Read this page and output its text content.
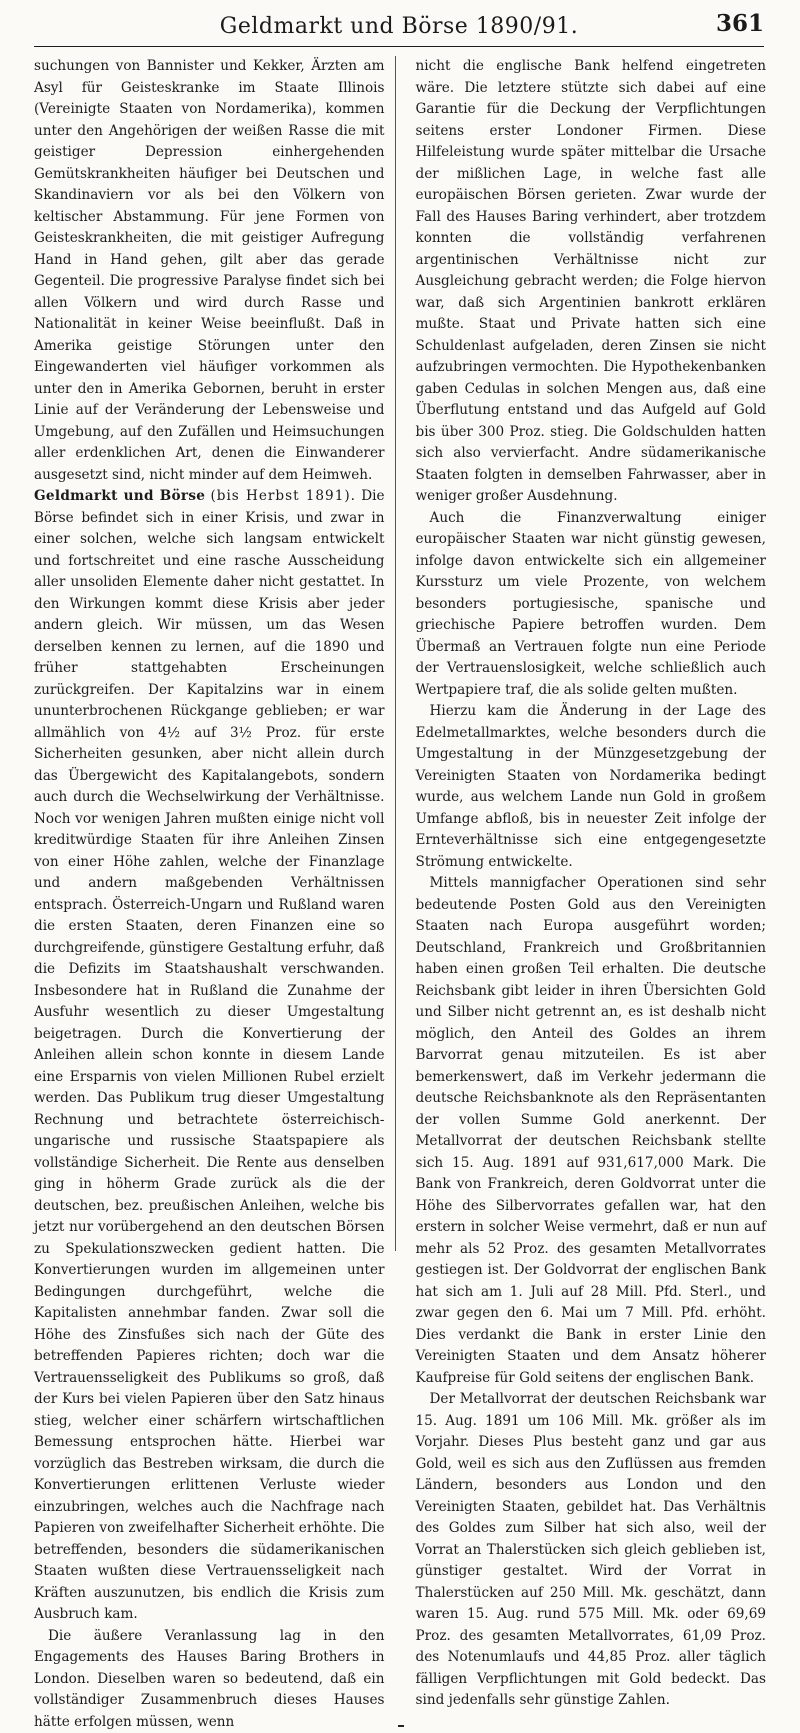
Geldmarkt und Börse 1890/91.	361

suchungen von Bannister und Kekker, Ärzten am Asyl für Geisteskranke im Staate Illinois (Vereinigte Staaten von Nordamerika), kommen unter den Angehörigen der weißen Rasse die mit geistiger Depression einhergehenden Gemütskrankheiten häufiger bei Deutschen und Skandinaviern vor als bei den Völkern von keltischer Abstammung. Für jene Formen von Geisteskrankheiten, die mit geistiger Aufregung Hand in Hand gehen, gilt aber das gerade Gegenteil. Die progressive Paralyse findet sich bei allen Völkern und wird durch Rasse und Nationalität in keiner Weise beeinflußt. Daß in Amerika geistige Störungen unter den Eingewanderten viel häufiger vorkommen als unter den in Amerika Gebornen, beruht in erster Linie auf der Veränderung der Lebensweise und Umgebung, auf den Zufällen und Heimsuchungen aller erdenklichen Art, denen die Einwanderer ausgesetzt sind, nicht minder auf dem Heimweh.

Geldmarkt und Börse (bis Herbst 1891). Die Börse befindet sich in einer Krisis, und zwar in einer solchen, welche sich langsam entwickelt und fortschreitet und eine rasche Ausscheidung aller unsoliden Elemente daher nicht gestattet. In den Wirkungen kommt diese Krisis aber jeder andern gleich. Wir müssen, um das Wesen derselben kennen zu lernen, auf die 1890 und früher stattgehabten Erscheinungen zurückgreifen. Der Kapitalzins war in einem ununterbrochenen Rückgange geblieben; er war allmählich von 4½ auf 3½ Proz. für erste Sicherheiten gesunken, aber nicht allein durch das Übergewicht des Kapitalangebots, sondern auch durch die Wechselwirkung der Verhältnisse. Noch vor wenigen Jahren mußten einige nicht voll kreditwürdige Staaten für ihre Anleihen Zinsen von einer Höhe zahlen, welche der Finanzlage und andern maßgebenden Verhältnissen entsprach. Österreich-Ungarn und Rußland waren die ersten Staaten, deren Finanzen eine so durchgreifende, günstigere Gestaltung erfuhr, daß die Defizits im Staatshaushalt verschwanden. Insbesondere hat in Rußland die Zunahme der Ausfuhr wesentlich zu dieser Umgestaltung beigetragen. Durch die Konvertierung der Anleihen allein schon konnte in diesem Lande eine Ersparnis von vielen Millionen Rubel erzielt werden. Das Publikum trug dieser Umgestaltung Rechnung und betrachtete österreichisch-ungarische und russische Staatspapiere als vollständige Sicherheit. Die Rente aus denselben ging in höherm Grade zurück als die der deutschen, bez. preußischen Anleihen, welche bis jetzt nur vorübergehend an den deutschen Börsen zu Spekulationszwecken gedient hatten. Die Konvertierungen wurden im allgemeinen unter Bedingungen durchgeführt, welche die Kapitalisten annehmbar fanden. Zwar soll die Höhe des Zinsfußes sich nach der Güte des betreffenden Papieres richten; doch war die Vertrauensseligkeit des Publikums so groß, daß der Kurs bei vielen Papieren über den Satz hinaus stieg, welcher einer schärfern wirtschaftlichen Bemessung entsprochen hätte. Hierbei war vorzüglich das Bestreben wirksam, die durch die Konvertierungen erlittenen Verluste wieder einzubringen, welches auch die Nachfrage nach Papieren von zweifelhafter Sicherheit erhöhte. Die betreffenden, besonders die südamerikanischen Staaten wußten diese Vertrauensseligkeit nach Kräften auszunutzen, bis endlich die Krisis zum Ausbruch kam.

Die äußere Veranlassung lag in den Engagements des Hauses Baring Brothers in London. Dieselben waren so bedeutend, daß ein vollständiger Zusammenbruch dieses Hauses hätte erfolgen müssen, wenn

nicht die englische Bank helfend eingetreten wäre. Die letztere stützte sich dabei auf eine Garantie für die Deckung der Verpflichtungen seitens erster Londoner Firmen. Diese Hilfeleistung wurde später mittelbar die Ursache der mißlichen Lage, in welche fast alle europäischen Börsen gerieten. Zwar wurde der Fall des Hauses Baring verhindert, aber trotzdem konnten die vollständig verfahrenen argentinischen Verhältnisse nicht zur Ausgleichung gebracht werden; die Folge hiervon war, daß sich Argentinien bankrott erklären mußte. Staat und Private hatten sich eine Schuldenlast aufgeladen, deren Zinsen sie nicht aufzubringen vermochten. Die Hypothekenbanken gaben Cedulas in solchen Mengen aus, daß eine Überflutung entstand und das Aufgeld auf Gold bis über 300 Proz. stieg. Die Goldschulden hatten sich also vervierfacht. Andre südamerikanische Staaten folgten in demselben Fahrwasser, aber in weniger großer Ausdehnung.

Auch die Finanzverwaltung einiger europäischer Staaten war nicht günstig gewesen, infolge davon entwickelte sich ein allgemeiner Kurssturz um viele Prozente, von welchem besonders portugiesische, spanische und griechische Papiere betroffen wurden. Dem Übermaß an Vertrauen folgte nun eine Periode der Vertrauenslosigkeit, welche schließlich auch Wertpapiere traf, die als solide gelten mußten.

Hierzu kam die Änderung in der Lage des Edelmetallmarktes, welche besonders durch die Umgestaltung in der Münzgesetzgebung der Vereinigten Staaten von Nordamerika bedingt wurde, aus welchem Lande nun Gold in großem Umfange abfloß, bis in neuester Zeit infolge der Ernteverhältnisse sich eine entgegengesetzte Strömung entwickelte.

Mittels mannigfacher Operationen sind sehr bedeutende Posten Gold aus den Vereinigten Staaten nach Europa ausgeführt worden; Deutschland, Frankreich und Großbritannien haben einen großen Teil erhalten. Die deutsche Reichsbank gibt leider in ihren Übersichten Gold und Silber nicht getrennt an, es ist deshalb nicht möglich, den Anteil des Goldes an ihrem Barvorrat genau mitzuteilen. Es ist aber bemerkenswert, daß im Verkehr jedermann die deutsche Reichsbanknote als den Repräsentanten der vollen Summe Gold anerkennt. Der Metallvorrat der deutschen Reichsbank stellte sich 15. Aug. 1891 auf 931,617,000 Mark. Die Bank von Frankreich, deren Goldvorrat unter die Höhe des Silbervorrates gefallen war, hat den erstern in solcher Weise vermehrt, daß er nun auf mehr als 52 Proz. des gesamten Metallvorrates gestiegen ist. Der Goldvorrat der englischen Bank hat sich am 1. Juli auf 28 Mill. Pfd. Sterl., und zwar gegen den 6. Mai um 7 Mill. Pfd. erhöht. Dies verdankt die Bank in erster Linie den Vereinigten Staaten und dem Ansatz höherer Kaufpreise für Gold seitens der englischen Bank.

Der Metallvorrat der deutschen Reichsbank war 15. Aug. 1891 um 106 Mill. Mk. größer als im Vorjahr. Dieses Plus besteht ganz und gar aus Gold, weil es sich aus den Zuflüssen aus fremden Ländern, besonders aus London und den Vereinigten Staaten, gebildet hat. Das Verhältnis des Goldes zum Silber hat sich also, weil der Vorrat an Thalerstücken sich gleich geblieben ist, günstiger gestaltet. Wird der Vorrat in Thalerstücken auf 250 Mill. Mk. geschätzt, dann waren 15. Aug. rund 575 Mill. Mk. oder 69,69 Proz. des gesamten Metallvorrates, 61,09 Proz. des Notenumlaufs und 44,85 Proz. aller täglich fälligen Verpflichtungen mit Gold bedeckt. Das sind jedenfalls sehr günstige Zahlen.
